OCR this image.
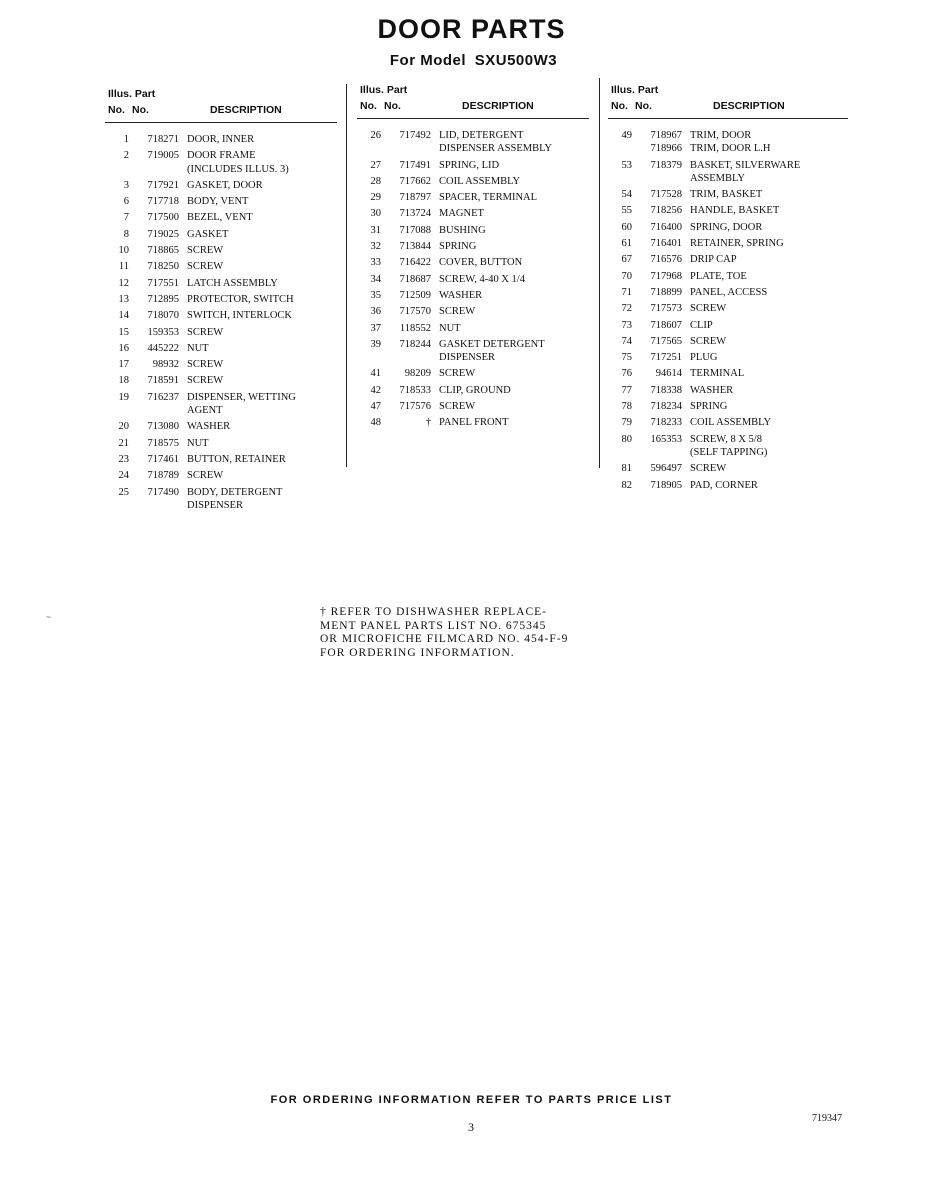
DOOR PARTS
For Model SXU500W3
Illus. Part
No. No.	DESCRIPTION
1	718271 DOOR, INNER
2	719005 DOOR FRAME
(INCLUDES ILLUS. 3)
3	717921 GASKET, DOOR
6	717718 BODY, VENT
7	717500 BEZEL, VENT
8	719025 GASKET
10	718865 SCREW
11	718250 SCREW
12	717551 LATCH ASSEMBLY
13	712895 PROTECTOR, SWITCH
14	718070 SWITCH, INTERLOCK
15	159353 SCREW
16	445222 NUT
17	98932 SCREW
18	718591 SCREW
19	716237 DISPENSER, WETTING
AGENT
20	713080 WASHER
21	718575 NUT
23	717461 BUTTON, RETAINER
24	718789 SCREW
25	717490 BODY, DETERGENT
DISPENSER
Illus. Part
No. No.	DESCRIPTION
26	717492 LID, DETERGENT
DISPENSER ASSEMBLY
27	717491 SPRING, LID
28	717662 COIL ASSEMBLY
29	718797 SPACER, TERMINAL
30	713724 MAGNET
31	717088 BUSHING
32	713844 SPRING
33	716422 COVER, BUTTON
34	718687 SCREW, 4-40 X 1/4
35	712509 WASHER
36	717570 SCREW
37	118552 NUT
39	718244 GASKET DETERGENT
DISPENSER
41	98209 SCREW
42	718533 CLIP, GROUND
47	717576 SCREW
48	† PANEL FRONT
Illus. Part
No. No.	DESCRIPTION
49	718967 TRIM, DOOR
718966 TRIM, DOOR L.H
53	718379 BASKET, SILVERWARE
ASSEMBLY
54	717528 TRIM, BASKET
55	718256 HANDLE, BASKET
60	716400 SPRING, DOOR
61	716401 RETAINER, SPRING
67	716576 DRIP CAP
70	717968 PLATE, TOE
71	718899 PANEL, ACCESS
72	717573 SCREW
73	718607 CLIP
74	717565 SCREW
75	717251 PLUG
76	94614 TERMINAL
77	718338 WASHER
78	718234 SPRING
79	718233 COIL ASSEMBLY
80	165353 SCREW, 8 X 5/8
(SELF TAPPING)
81	596497 SCREW
82	718905 PAD, CORNER
~	† REFER TO DISHWASHER REPLACE-
MENT PANEL PARTS LIST NO. 675345
OR MICROFICHE FILMCARD NO. 454-F-9
FOR ORDERING INFORMATION.
FOR ORDERING INFORMATION REFER TO PARTS PRICE LIST
3
719347
